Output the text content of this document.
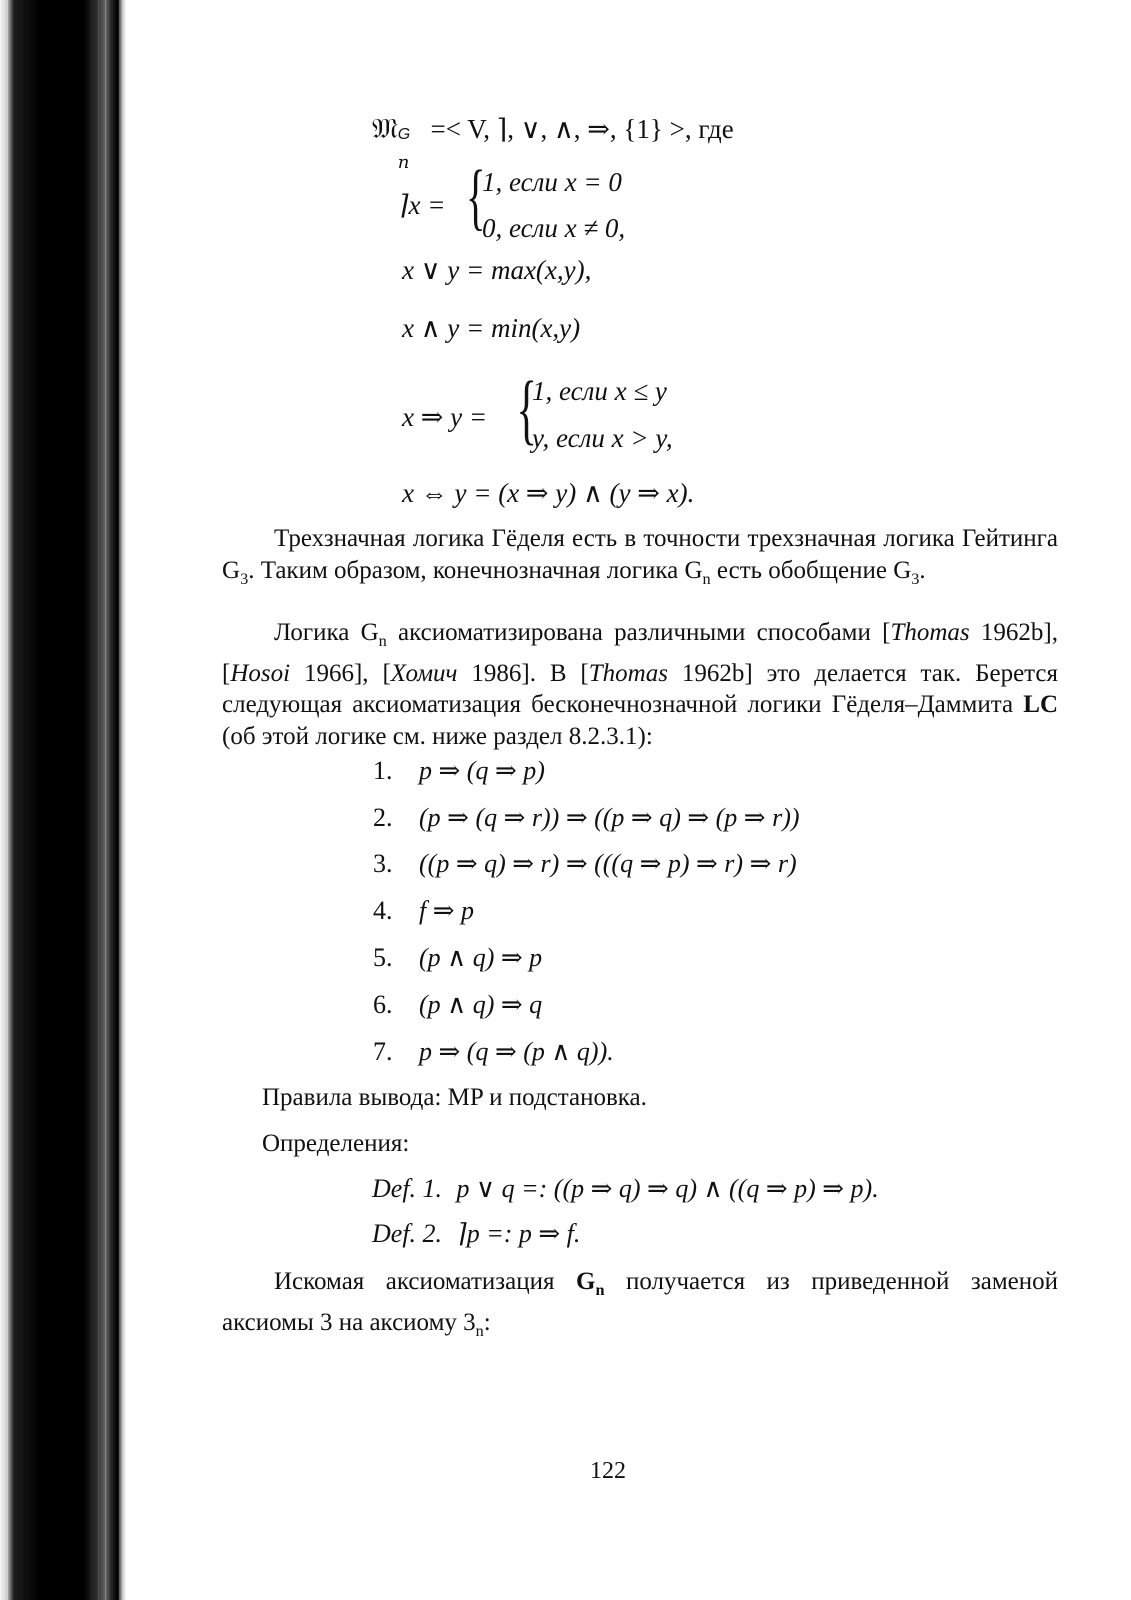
𝔐 G
n
=< V, ⌉, ∨, ∧, ⇒, {1} >, где
⌉x = {
1, если x = 0
0, если x ≠ 0,
x ∨ y = max(x,y),
x ∧ y = min(x,y)
x ⇒ y = {
1, если x ≤ y
y, если x > y,
x ⇔ y = (x ⇒ y) ∧ (y ⇒ x).
Трехзначная логика Гёделя есть в точности трехзначная логика Гейтинга $G_3$. Таким образом, конечнозначная логика $G_n$ есть обобщение $G_3$.
Логика $G_n$ аксиоматизирована различными способами [Thomas 1962b], [Hosoi 1966], [Хомич 1986]. В [Thomas 1962b] это делается так. Берется следующая аксиоматизация бесконечнозначной логики Гёделя–Даммита LC (об этой логике см. ниже раздел 8.2.3.1):
1. p ⇒ (q ⇒ p)
2. (p ⇒ (q ⇒ r)) ⇒ ((p ⇒ q) ⇒ (p ⇒ r))
3. ((p ⇒ q) ⇒ r) ⇒ (((q ⇒ p) ⇒ r) ⇒ r)
4. f ⇒ p
5. (p ∧ q) ⇒ p
6. (p ∧ q) ⇒ q
7. p ⇒ (q ⇒ (p ∧ q)).
Правила вывода: MP и подстановка.
Определения:
Def. 1. p ∨ q =: ((p ⇒ q) ⇒ q) ∧ ((q ⇒ p) ⇒ p).
Def. 2. ⌉p =: p ⇒ f.
Искомая аксиоматизация $G_n$ получается из приведенной заменой аксиомы 3 на аксиому $3_n$:
122
